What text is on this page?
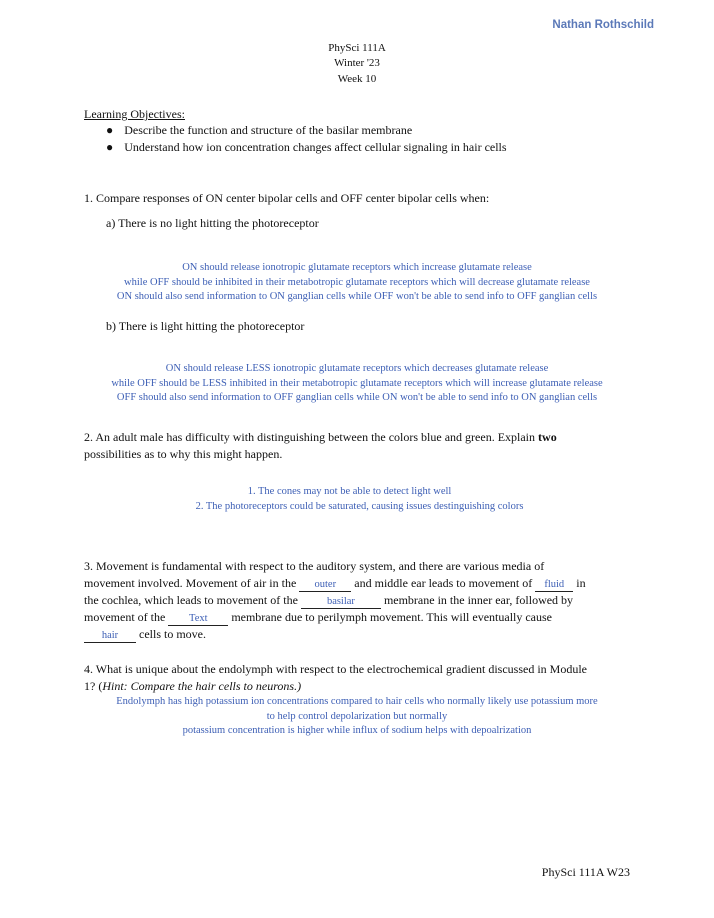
Nathan Rothschild
PhySci 111A
Winter '23
Week 10
Learning Objectives:
● Describe the function and structure of the basilar membrane
● Understand how ion concentration changes affect cellular signaling in hair cells
1. Compare responses of ON center bipolar cells and OFF center bipolar cells when:
a) There is no light hitting the photoreceptor
ON should release ionotropic glutamate receptors which increase glutamate release
while OFF should be inhibited in their metabotropic glutamate receptors which will decrease glutamate release
ON should also send information to ON ganglian cells while OFF won't be able to send info to OFF ganglian cells
b) There is light hitting the photoreceptor
ON should release LESS ionotropic glutamate receptors which decreases glutamate release
while OFF should be LESS inhibited in their metabotropic glutamate receptors which will increase glutamate release
OFF should also send information to OFF ganglian cells while ON won't be able to send info to ON ganglian cells
2. An adult male has difficulty with distinguishing between the colors blue and green. Explain two
possibilities as to why this might happen.
1. The cones may not be able to detect light well
2. The photoreceptors could be saturated, causing issues destinguishing colors
3. Movement is fundamental with respect to the auditory system, and there are various media of
movement involved. Movement of air in the outer and middle ear leads to movement of fluid in
the cochlea, which leads to movement of the basilar membrane in the inner ear, followed by
movement of the Text membrane due to perilymph movement. This will eventually cause
hair cells to move.
4. What is unique about the endolymph with respect to the electrochemical gradient discussed in Module
1? (Hint: Compare the hair cells to neurons.)
Endolymph has high potassium ion concentrations compared to hair cells who normally likely use potassium more
to help control depolarization but normally
potassium concentration is higher while influx of sodium helps with depoalrization
PhySci 111A W23
